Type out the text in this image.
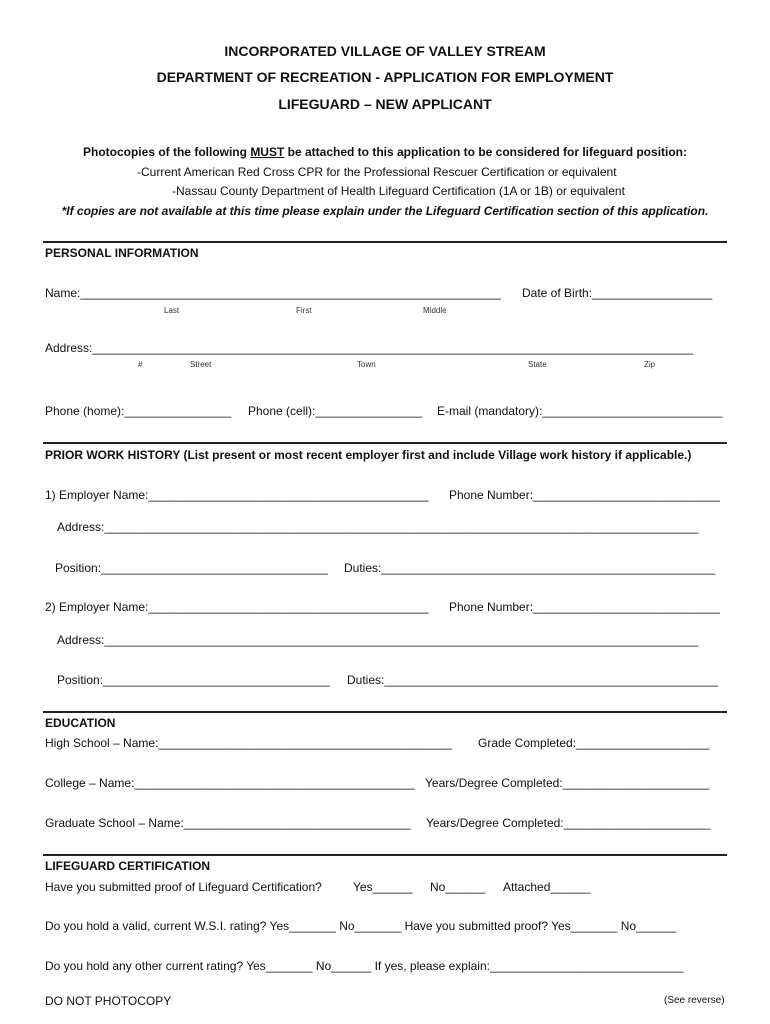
INCORPORATED VILLAGE OF VALLEY STREAM
DEPARTMENT OF RECREATION - APPLICATION FOR EMPLOYMENT
LIFEGUARD – NEW APPLICANT
Photocopies of the following MUST be attached to this application to be considered for lifeguard position:
-Current American Red Cross CPR for the Professional Rescuer Certification or equivalent
-Nassau County Department of Health Lifeguard Certification (1A or 1B) or equivalent
*If copies are not available at this time please explain under the Lifeguard Certification section of this application.
PERSONAL INFORMATION
Name:_______________________________________________________________ Date of Birth:__________________
Last	First	Middle
Address:__________________________________________________________________________________________
#	Street	Town	State	Zip
Phone (home):________________ Phone (cell):________________ E-mail (mandatory):___________________________
PRIOR WORK HISTORY (List present or most recent employer first and include Village work history if applicable.)
1) Employer Name:__________________________________________ Phone Number:____________________________
Address:_________________________________________________________________________________________
Position:__________________________________ Duties:__________________________________________________
2) Employer Name:__________________________________________ Phone Number:____________________________
Address:_________________________________________________________________________________________
Position:__________________________________ Duties:__________________________________________________
EDUCATION
High School – Name:____________________________________________ Grade Completed:____________________
College – Name:__________________________________________ Years/Degree Completed:______________________
Graduate School – Name:__________________________________ Years/Degree Completed:______________________
LIFEGUARD CERTIFICATION
Have you submitted proof of Lifeguard Certification?	Yes______ No______ Attached______
Do you hold a valid, current W.S.I. rating? Yes_______ No_______ Have you submitted proof? Yes_______ No______
Do you hold any other current rating? Yes_______ No______ If yes, please explain:_____________________________
DO NOT PHOTOCOPY	(See reverse)
